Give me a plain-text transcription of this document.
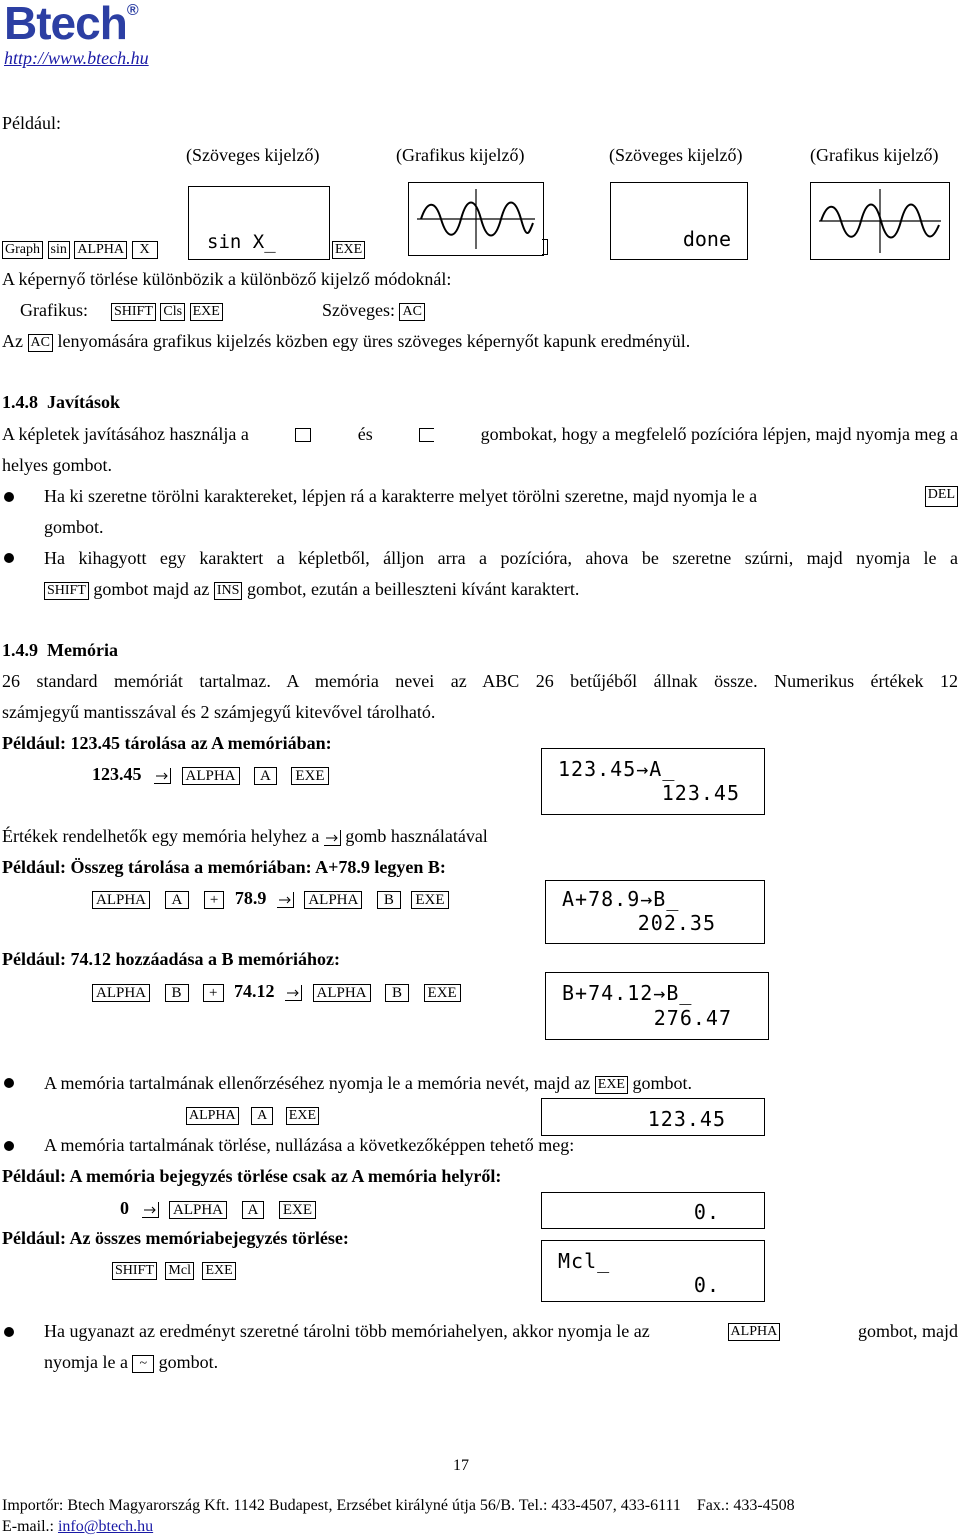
Btech®
http://www.btech.hu
Például:
(Szöveges kijelző)	(Grafikus kijelző)	(Szöveges kijelző)	(Grafikus kijelző)
Graph sin ALPHA X	EXE
sin X_	done
A képernyő törlése különbözik a különböző kijelző módoknál:
Grafikus: SHIFT Cls EXE	Szöveges: AC
Az AC lenyomására grafikus kijelzés közben egy üres szöveges képernyőt kapunk eredményül.
1.4.8  Javítások
A képletek javításához használja a	és	gombokat, hogy a megfelelő pozícióra lépjen, majd nyomja meg a
helyes gombot.
Ha ki szeretne törölni karaktereket, lépjen rá a karakterre melyet törölni szeretne, majd nyomja le a	DEL
gombot.
Ha kihagyott egy karaktert a képletből, álljon arra a pozícióra, ahova be szeretne szúrni, majd nyomja le a
SHIFT gombot majd az INS gombot, ezután a beilleszteni kívánt karaktert.
1.4.9  Memória
26 standard memóriát tartalmaz. A memória nevei az ABC 26 betűjéből állnak össze. Numerikus értékek 12
számjegyű mantisszával és 2 számjegyű kitevővel tárolható.
Például: 123.45 tárolása az A memóriában:
123.45	ALPHA A EXE	123.45→A_
123.45
Értékek rendelhetők egy memória helyhez a gomb használatával
Például: Összeg tárolása a memóriában: A+78.9 legyen B:
ALPHA A + 78.9	ALPHA B EXE	A+78.9→B_
202.35
Például: 74.12 hozzáadása a B memóriához:
ALPHA B + 74.12	ALPHA B EXE	B+74.12→B_
276.47
A memória tartalmának ellenőrzéséhez nyomja le a memória nevét, majd az EXE gombot.
ALPHA A EXE	123.45
A memória tartalmának törlése, nullázása a következőképpen tehető meg:
Például: A memória bejegyzés törlése csak az A memória helyről:
0	ALPHA A EXE	0.
Például: Az összes memóriabejegyzés törlése:
SHIFT Mcl EXE	Mcl_
0.
Ha ugyanazt az eredményt szeretné tárolni több memóriahelyen, akkor nyomja le az	ALPHA	gombot, majd
nyomja le a ~ gombot.
17
Importőr: Btech Magyarország Kft. 1142 Budapest, Erzsébet királyné útja 56/B. Tel.: 433-4507, 433-6111    Fax.: 433-4508
E-mail.: info@btech.hu
